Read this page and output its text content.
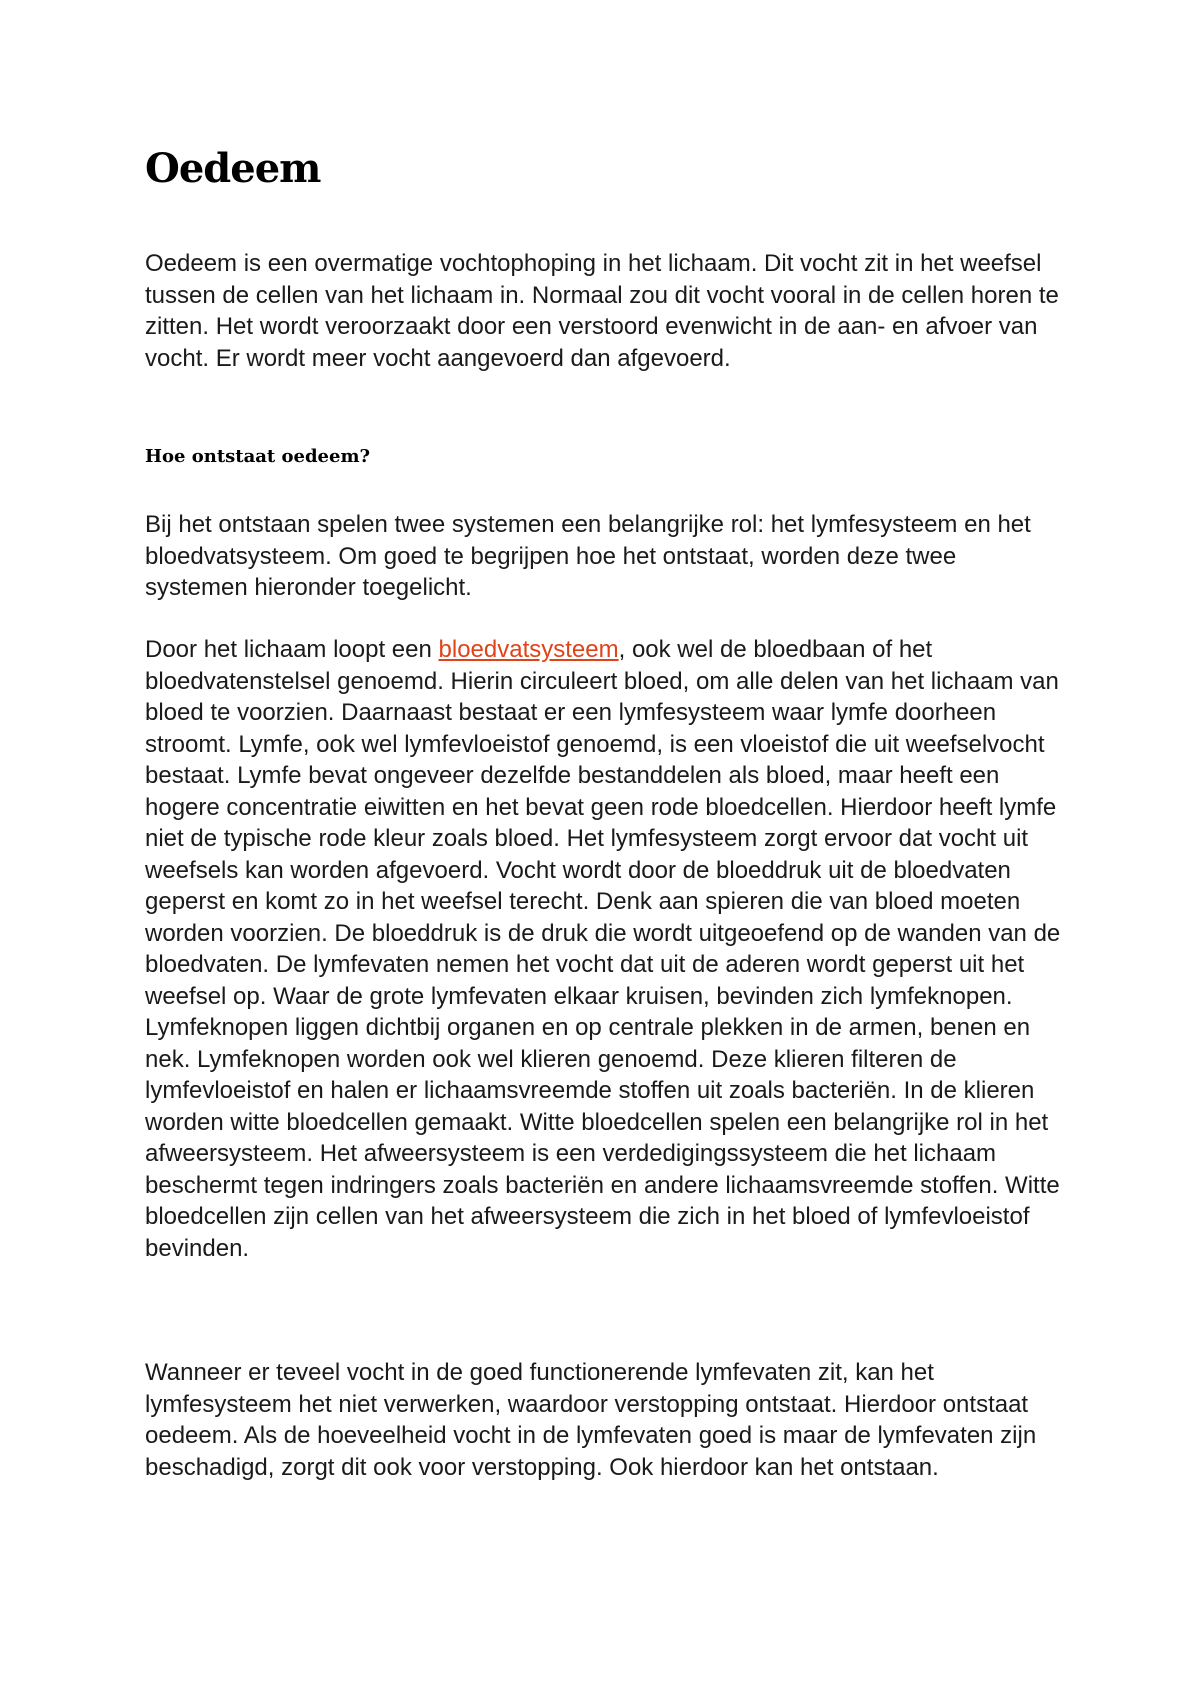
Oedeem

Oedeem is een overmatige vochtophoping in het lichaam. Dit vocht zit in het weefsel tussen de cellen van het lichaam in. Normaal zou dit vocht vooral in de cellen horen te zitten. Het wordt veroorzaakt door een verstoord evenwicht in de aan- en afvoer van vocht. Er wordt meer vocht aangevoerd dan afgevoerd.

Hoe ontstaat oedeem?

Bij het ontstaan spelen twee systemen een belangrijke rol: het lymfesysteem en het bloedvatsysteem. Om goed te begrijpen hoe het ontstaat, worden deze twee systemen hieronder toegelicht.

Door het lichaam loopt een bloedvatsysteem, ook wel de bloedbaan of het bloedvatenstelsel genoemd. Hierin circuleert bloed, om alle delen van het lichaam van bloed te voorzien. Daarnaast bestaat er een lymfesysteem waar lymfe doorheen stroomt. Lymfe, ook wel lymfevloeistof genoemd, is een vloeistof die uit weefselvocht bestaat. Lymfe bevat ongeveer dezelfde bestanddelen als bloed, maar heeft een hogere concentratie eiwitten en het bevat geen rode bloedcellen. Hierdoor heeft lymfe niet de typische rode kleur zoals bloed. Het lymfesysteem zorgt ervoor dat vocht uit weefsels kan worden afgevoerd. Vocht wordt door de bloeddruk uit de bloedvaten geperst en komt zo in het weefsel terecht. Denk aan spieren die van bloed moeten worden voorzien. De bloeddruk is de druk die wordt uitgeoefend op de wanden van de bloedvaten. De lymfevaten nemen het vocht dat uit de aderen wordt geperst uit het weefsel op. Waar de grote lymfevaten elkaar kruisen, bevinden zich lymfeknopen. Lymfeknopen liggen dichtbij organen en op centrale plekken in de armen, benen en nek. Lymfeknopen worden ook wel klieren genoemd. Deze klieren filteren de lymfevloeistof en halen er lichaamsvreemde stoffen uit zoals bacteriën. In de klieren worden witte bloedcellen gemaakt. Witte bloedcellen spelen een belangrijke rol in het afweersysteem. Het afweersysteem is een verdedigingssysteem die het lichaam beschermt tegen indringers zoals bacteriën en andere lichaamsvreemde stoffen. Witte bloedcellen zijn cellen van het afweersysteem die zich in het bloed of lymfevloeistof bevinden.

Wanneer er teveel vocht in de goed functionerende lymfevaten zit, kan het lymfesysteem het niet verwerken, waardoor verstopping ontstaat. Hierdoor ontstaat oedeem. Als de hoeveelheid vocht in de lymfevaten goed is maar de lymfevaten zijn beschadigd, zorgt dit ook voor verstopping. Ook hierdoor kan het ontstaan.
